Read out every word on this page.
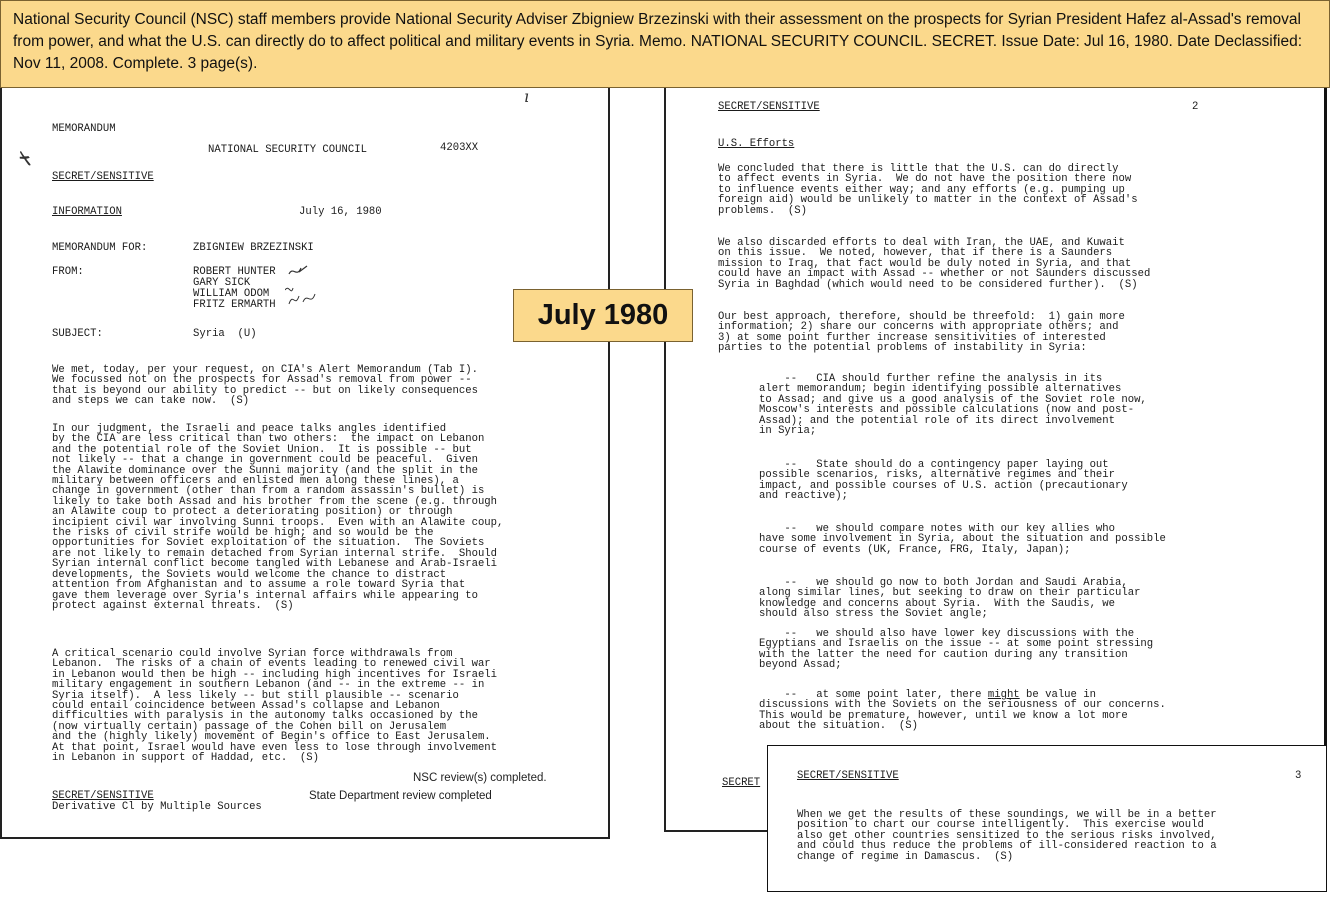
National Security Council (NSC) staff members provide National Security Adviser Zbigniew Brzezinski with their assessment on the prospects for Syrian President Hafez al-Assad's removal from power, and what the U.S. can directly do to affect political and military events in Syria. Memo. NATIONAL SECURITY COUNCIL. SECRET. Issue Date: Jul 16, 1980. Date Declassified: Nov 11, 2008. Complete. 3 page(s).
ı
MEMORANDUM
NATIONAL SECURITY COUNCIL	4203XX
✗
SECRET/SENSITIVE
INFORMATION	July 16, 1980
MEMORANDUM FOR:	ZBIGNIEW BRZEZINSKI
FROM:	ROBERT HUNTER
GARY SICK
WILLIAM ODOM
FRITZ ERMARTH
SUBJECT:	Syria  (U)
We met, today, per your request, on CIA's Alert Memorandum (Tab I).
We focussed not on the prospects for Assad's removal from power --
that is beyond our ability to predict -- but on likely consequences
and steps we can take now.  (S)
In our judgment, the Israeli and peace talks angles identified
by the CIA are less critical than two others:  the impact on Lebanon
and the potential role of the Soviet Union.  It is possible -- but
not likely -- that a change in government could be peaceful.  Given
the Alawite dominance over the Sunni majority (and the split in the
military between officers and enlisted men along these lines), a
change in government (other than from a random assassin's bullet) is
likely to take both Assad and his brother from the scene (e.g. through
an Alawite coup to protect a deteriorating position) or through
incipient civil war involving Sunni troops.  Even with an Alawite coup,
the risks of civil strife would be high; and so would be the
opportunities for Soviet exploitation of the situation.  The Soviets
are not likely to remain detached from Syrian internal strife.  Should
Syrian internal conflict become tangled with Lebanese and Arab-Israeli
developments, the Soviets would welcome the chance to distract
attention from Afghanistan and to assume a role toward Syria that
gave them leverage over Syria's internal affairs while appearing to
protect against external threats.  (S)
A critical scenario could involve Syrian force withdrawals from
Lebanon.  The risks of a chain of events leading to renewed civil war
in Lebanon would then be high -- including high incentives for Israeli
military engagement in southern Lebanon (and -- in the extreme -- in
Syria itself).  A less likely -- but still plausible -- scenario
could entail coincidence between Assad's collapse and Lebanon
difficulties with paralysis in the autonomy talks occasioned by the
(now virtually certain) passage of the Cohen bill on Jerusalem
and the (highly likely) movement of Begin's office to East Jerusalem.
At that point, Israel would have even less to lose through involvement
in Lebanon in support of Haddad, etc.  (S)
NSC review(s) completed.
SECRET/SENSITIVE	State Department review completed
Derivative Cl by Multiple Sources
SECRET/SENSITIVE	2
U.S. Efforts
We concluded that there is little that the U.S. can do directly
to affect events in Syria.  We do not have the position there now
to influence events either way; and any efforts (e.g. pumping up
foreign aid) would be unlikely to matter in the context of Assad's
problems.  (S)
We also discarded efforts to deal with Iran, the UAE, and Kuwait
on this issue.  We noted, however, that if there is a Saunders
mission to Iraq, that fact would be duly noted in Syria, and that
could have an impact with Assad -- whether or not Saunders discussed
Syria in Baghdad (which would need to be considered further).  (S)
Our best approach, therefore, should be threefold:  1) gain more
information; 2) share our concerns with appropriate others; and
3) at some point further increase sensitivities of interested
parties to the potential problems of instability in Syria:
--   CIA should further refine the analysis in its
alert memorandum; begin identifying possible alternatives
to Assad; and give us a good analysis of the Soviet role now,
Moscow's interests and possible calculations (now and post-
Assad); and the potential role of its direct involvement
in Syria;
--   State should do a contingency paper laying out
possible scenarios, risks, alternative regimes and their
impact, and possible courses of U.S. action (precautionary
and reactive);
--   we should compare notes with our key allies who
have some involvement in Syria, about the situation and possible
course of events (UK, France, FRG, Italy, Japan);
--   we should go now to both Jordan and Saudi Arabia,
along similar lines, but seeking to draw on their particular
knowledge and concerns about Syria.  With the Saudis, we
should also stress the Soviet angle;
--   we should also have lower key discussions with the
Egyptians and Israelis on the issue -- at some point stressing
with the latter the need for caution during any transition
beyond Assad;
--   at some point later, there might be value in
discussions with the Soviets on the seriousness of our concerns.
This would be premature, however, until we know a lot more
about the situation.  (S)
SECRET
SECRET/SENSITIVE	3
When we get the results of these soundings, we will be in a better
position to chart our course intelligently.  This exercise would
also get other countries sensitized to the serious risks involved,
and could thus reduce the problems of ill-considered reaction to a
change of regime in Damascus.  (S)
July 1980
